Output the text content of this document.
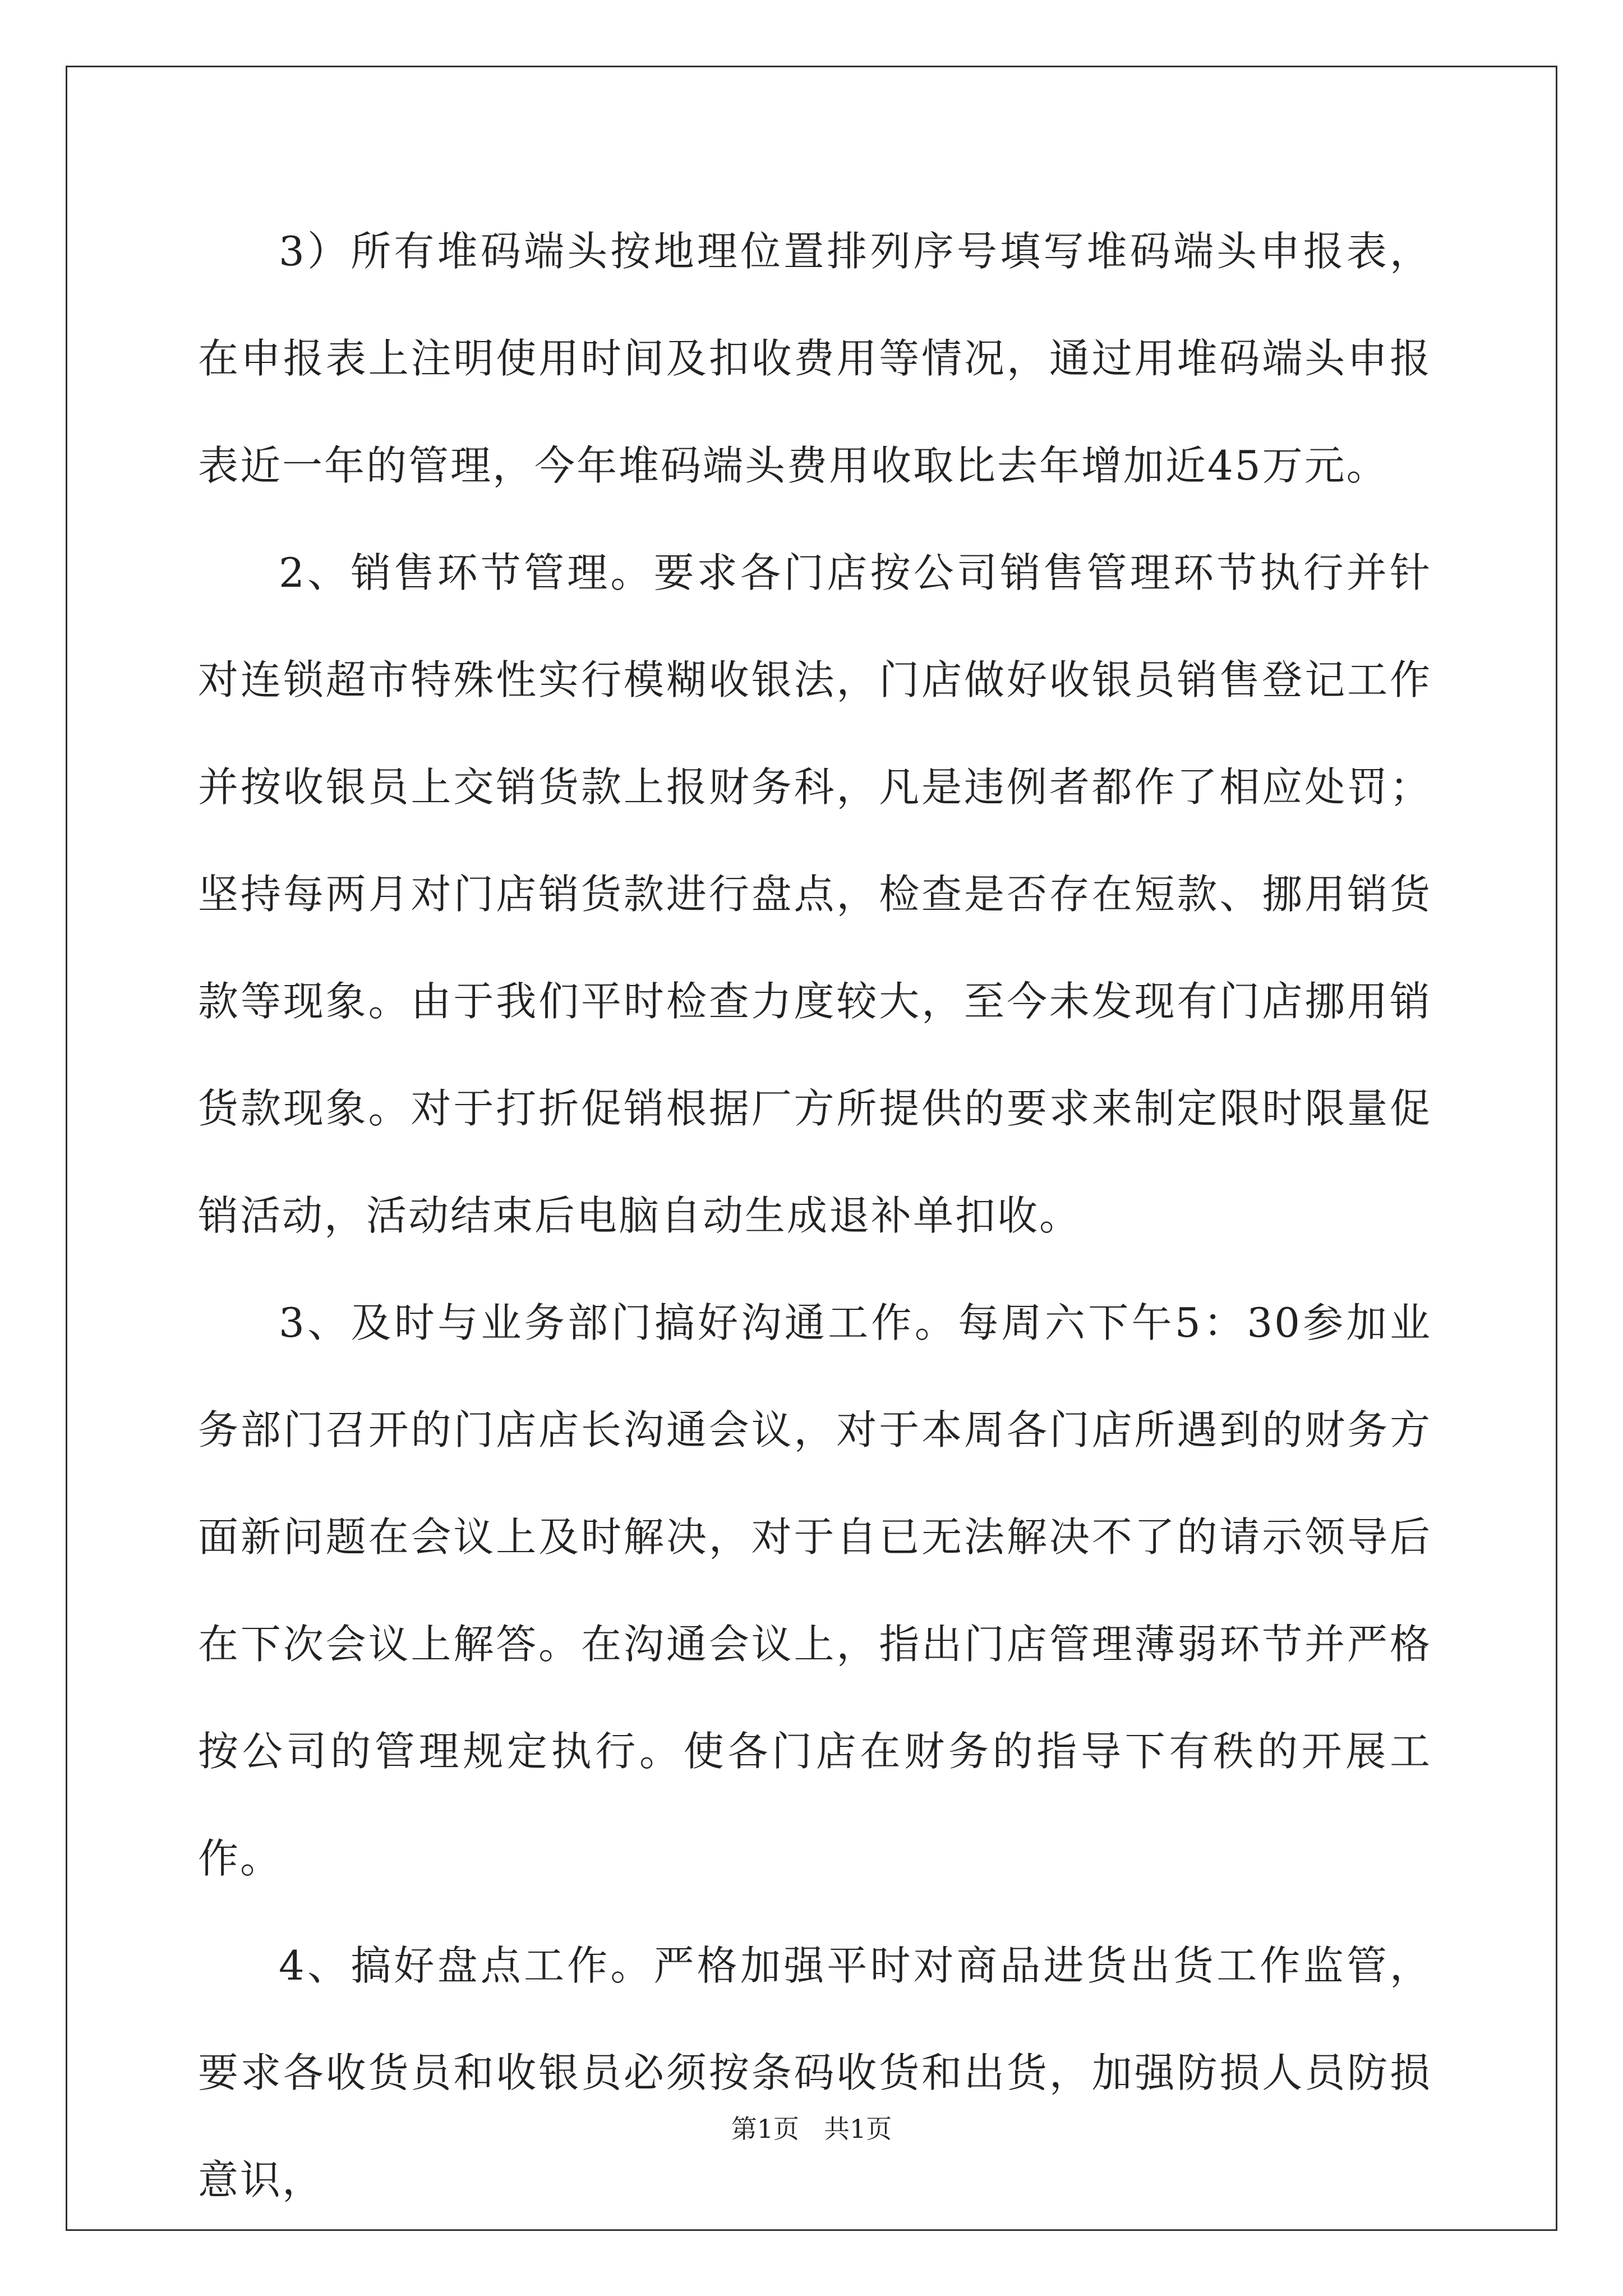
3）所有堆码端头按地理位置排列序号填写堆码端头申报表，在申报表上注明使用时间及扣收费用等情况，通过用堆码端头申报表近一年的管理，今年堆码端头费用收取比去年增加近45万元。

2、销售环节管理。要求各门店按公司销售管理环节执行并针对连锁超市特殊性实行模糊收银法，门店做好收银员销售登记工作并按收银员上交销货款上报财务科，凡是违例者都作了相应处罚；坚持每两月对门店销货款进行盘点，检查是否存在短款、挪用销货款等现象。由于我们平时检查力度较大，至今未发现有门店挪用销货款现象。对于打折促销根据厂方所提供的要求来制定限时限量促销活动，活动结束后电脑自动生成退补单扣收。

3、及时与业务部门搞好沟通工作。每周六下午5：30参加业务部门召开的门店店长沟通会议，对于本周各门店所遇到的财务方面新问题在会议上及时解决，对于自已无法解决不了的请示领导后在下次会议上解答。在沟通会议上，指出门店管理薄弱环节并严格按公司的管理规定执行。使各门店在财务的指导下有秩的开展工作。

4、搞好盘点工作。严格加强平时对商品进货出货工作监管，要求各收货员和收银员必须按条码收货和出货，加强防损人员防损意识，

第1页 共1页
